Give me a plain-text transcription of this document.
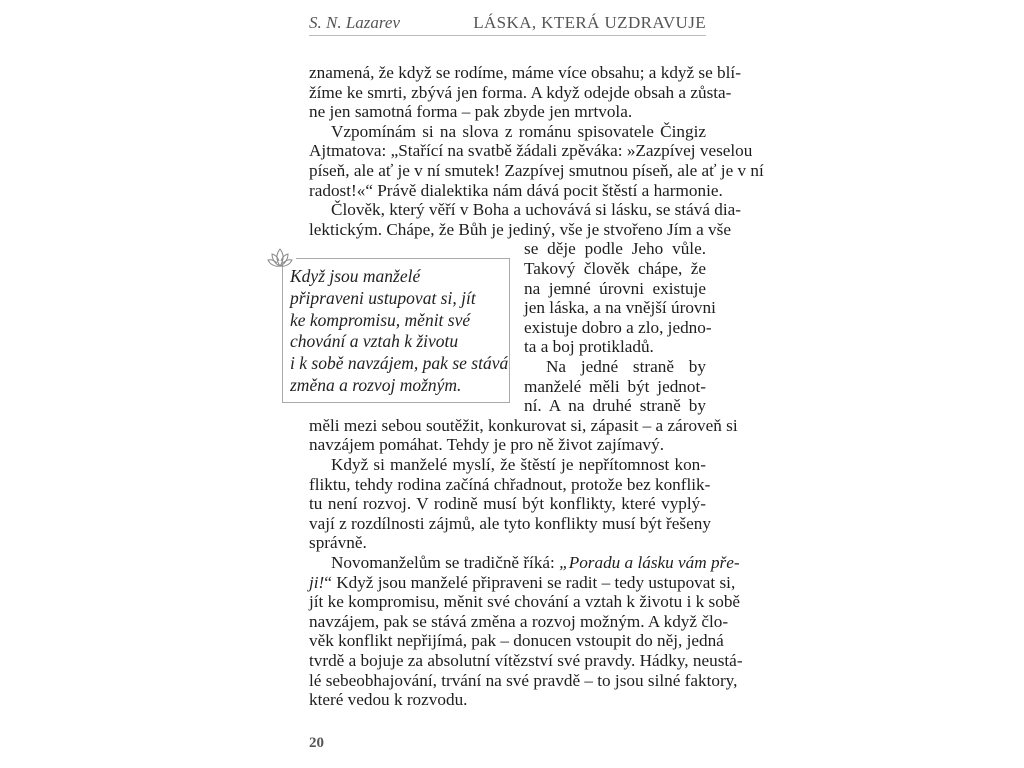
S. N. Lazarev	LÁSKA, KTERÁ UZDRAVUJE
Když jsou manželé
připraveni ustupovat si, jít
ke kompromisu, měnit své
chování a vztah k životu
i k sobě navzájem, pak se stává
změna a rozvoj možným.
znamená, že když se rodíme, máme více obsahu; a když se blí-
žíme ke smrti, zbývá jen forma. A když odejde obsah a zůsta-
ne jen samotná forma – pak zbyde jen mrtvola.
Vzpomínám si na slova z románu spisovatele Čingiz
Ajtmatova: „Stařící na svatbě žádali zpěváka: »Zazpívej veselou
píseň, ale ať je v ní smutek! Zazpívej smutnou píseň, ale ať je v ní
radost!«“ Právě dialektika nám dává pocit štěstí a harmonie.
Člověk, který věří v Boha a uchovává si lásku, se stává dia-
lektickým. Chápe, že Bůh je jediný, vše je stvořeno Jím a vše
se děje podle Jeho vůle.
Takový člověk chápe, že
na jemné úrovni existuje
jen láska, a na vnější úrovni
existuje dobro a zlo, jedno-
ta a boj protikladů.
Na jedné straně by
manželé měli být jednot-
ní. A na druhé straně by
měli mezi sebou soutěžit, konkurovat si, zápasit – a zároveň si
navzájem pomáhat. Tehdy je pro ně život zajímavý.
Když si manželé myslí, že štěstí je nepřítomnost kon-
fliktu, tehdy rodina začíná chřadnout, protože bez konflik-
tu není rozvoj. V rodině musí být konflikty, které vyplý-
vají z rozdílnosti zájmů, ale tyto konflikty musí být řešeny
správně.
Novomanželům se tradičně říká: „Poradu a lásku vám pře-
ji!“ Když jsou manželé připraveni se radit – tedy ustupovat si,
jít ke kompromisu, měnit své chování a vztah k životu i k sobě
navzájem, pak se stává změna a rozvoj možným. A když člo-
věk konflikt nepřijímá, pak – donucen vstoupit do něj, jedná
tvrdě a bojuje za absolutní vítězství své pravdy. Hádky, neustá-
lé sebeobhajování, trvání na své pravdě – to jsou silné faktory,
které vedou k rozvodu.
20
